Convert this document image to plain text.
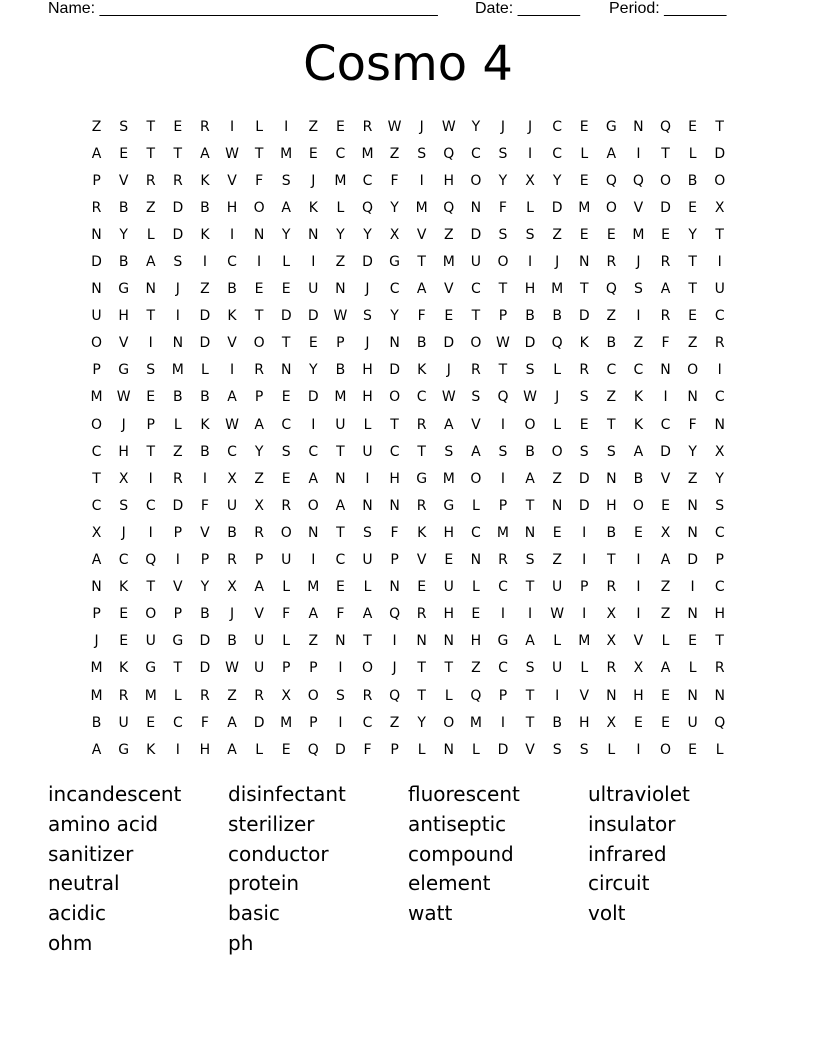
Name: ______________________________________ Date: _______ Period: _______
Cosmo 4
Z	S	T	E	R	I	L	I	Z	E	R	W	J	W	Y	J	J	C	E	G	N	Q	E	T
A	E	T	T	A	W	T	M	E	C	M	Z	S	Q	C	S	I	C	L	A	I	T	L	D
P	V	R	R	K	V	F	S	J	M	C	F	I	H	O	Y	X	Y	E	Q	Q	O	B	O
R	B	Z	D	B	H	O	A	K	L	Q	Y	M	Q	N	F	L	D	M	O	V	D	E	X
N	Y	L	D	K	I	N	Y	N	Y	Y	X	V	Z	D	S	S	Z	E	E	M	E	Y	T
D	B	A	S	I	C	I	L	I	Z	D	G	T	M	U	O	I	J	N	R	J	R	T	I
N	G	N	J	Z	B	E	E	U	N	J	C	A	V	C	T	H	M	T	Q	S	A	T	U
U	H	T	I	D	K	T	D	D	W	S	Y	F	E	T	P	B	B	D	Z	I	R	E	C
O	V	I	N	D	V	O	T	E	P	J	N	B	D	O	W	D	Q	K	B	Z	F	Z	R
P	G	S	M	L	I	R	N	Y	B	H	D	K	J	R	T	S	L	R	C	C	N	O	I
M	W	E	B	B	A	P	E	D	M	H	O	C	W	S	Q	W	J	S	Z	K	I	N	C
O	J	P	L	K	W	A	C	I	U	L	T	R	A	V	I	O	L	E	T	K	C	F	N
C	H	T	Z	B	C	Y	S	C	T	U	C	T	S	A	S	B	O	S	S	A	D	Y	X
T	X	I	R	I	X	Z	E	A	N	I	H	G	M	O	I	A	Z	D	N	B	V	Z	Y
C	S	C	D	F	U	X	R	O	A	N	N	R	G	L	P	T	N	D	H	O	E	N	S
X	J	I	P	V	B	R	O	N	T	S	F	K	H	C	M	N	E	I	B	E	X	N	C
A	C	Q	I	P	R	P	U	I	C	U	P	V	E	N	R	S	Z	I	T	I	A	D	P
N	K	T	V	Y	X	A	L	M	E	L	N	E	U	L	C	T	U	P	R	I	Z	I	C
P	E	O	P	B	J	V	F	A	F	A	Q	R	H	E	I	I	W	I	X	I	Z	N	H
J	E	U	G	D	B	U	L	Z	N	T	I	N	N	H	G	A	L	M	X	V	L	E	T
M	K	G	T	D	W	U	P	P	I	O	J	T	T	Z	C	S	U	L	R	X	A	L	R
M	R	M	L	R	Z	R	X	O	S	R	Q	T	L	Q	P	T	I	V	N	H	E	N	N
B	U	E	C	F	A	D	M	P	I	C	Z	Y	O	M	I	T	B	H	X	E	E	U	Q
A	G	K	I	H	A	L	E	Q	D	F	P	L	N	L	D	V	S	S	L	I	O	E	L
incandescent	disinfectant	fluorescent	ultraviolet
amino acid	sterilizer	antiseptic	insulator
sanitizer	conductor	compound	infrared
neutral	protein	element	circuit
acidic	basic	watt	volt
ohm	ph
